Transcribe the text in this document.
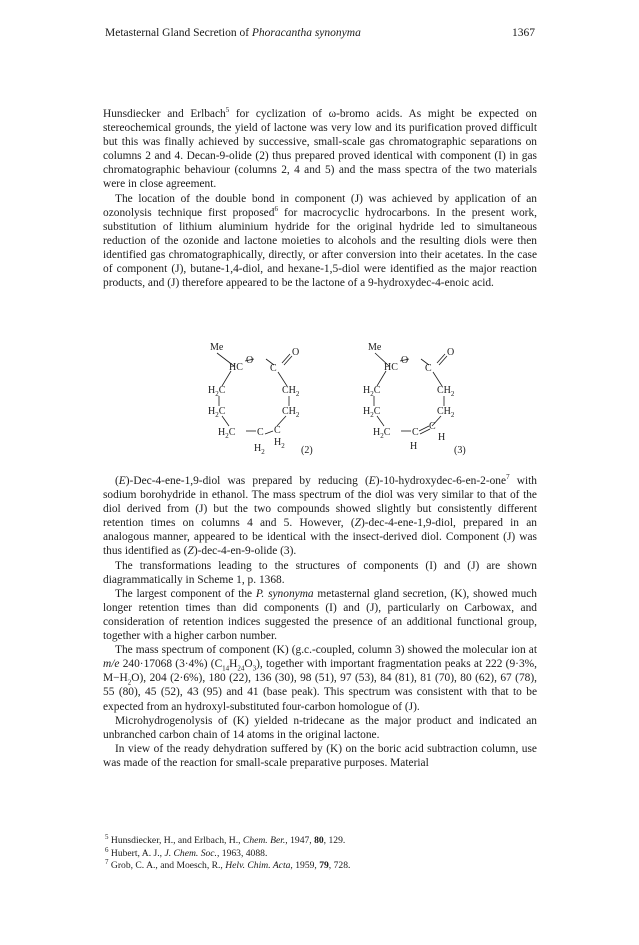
Metasternal Gland Secretion of Phoracantha synonyma	1367

Hunsdiecker and Erlbach$^5$ for cyclization of ω-bromo acids. As might be expected on stereochemical grounds, the yield of lactone was very low and its purification proved difficult but this was finally achieved by successive, small-scale gas chromatographic separations on columns 2 and 4. Decan-9-olide (2) thus prepared proved identical with component (I) in gas chromatographic behaviour (columns 2, 4 and 5) and the mass spectra of the two materials were in close agreement.

The location of the double bond in component (J) was achieved by application of an ozonolysis technique first proposed$^6$ for macrocyclic hydrocarbons. In the present work, substitution of lithium aluminium hydride for the original hydride led to simultaneous reduction of the ozonide and lactone moieties to alcohols and the resulting diols were then identified gas chromatographically, directly, or after conversion into their acetates. In the case of component (J), butane-1,4-diol, and hexane-1,5-diol were identified as the major reaction products, and (J) therefore appeared to be the lactone of a 9-hydroxydec-4-enoic acid.

Me
HC
O
C
O
$H_2C$	$CH_2$
$H_2C$	$CH_2$
$H_2C$ C C
$H_2$
$H_2$ (2)
Me
HC
O
C
O
$H_2C$	$CH_2$
$H_2C$	$CH_2$
$H_2C$ C
C
H
H
(3)

(E)-Dec-4-ene-1,9-diol was prepared by reducing (E)-10-hydroxydec-6-en-2-one$^7$ with sodium borohydride in ethanol. The mass spectrum of the diol was very similar to that of the diol derived from (J) but the two compounds showed slightly but consistently different retention times on columns 4 and 5. However, (Z)-dec-4-ene-1,9-diol, prepared in an analogous manner, appeared to be identical with the insect-derived diol. Component (J) was thus identified as (Z)-dec-4-en-9-olide (3).

The transformations leading to the structures of components (I) and (J) are shown diagrammatically in Scheme 1, p. 1368.

The largest component of the P. synonyma metasternal gland secretion, (K), showed much longer retention times than did components (I) and (J), particularly on Carbowax, and consideration of retention indices suggested the presence of an additional functional group, together with a higher carbon number.

The mass spectrum of component (K) (g.c.-coupled, column 3) showed the molecular ion at m/e 240·17068 (3·4%) $(C_{14}H_{24}O_3)$, together with important fragmentation peaks at 222 (9·3%, $M-H_2O$), 204 (2·6%), 180 (22), 136 (30), 98 (51), 97 (53), 84 (81), 81 (70), 80 (62), 67 (78), 55 (80), 45 (52), 43 (95) and 41 (base peak). This spectrum was consistent with that to be expected from an hydroxyl-substituted four-carbon homologue of (J).

Microhydrogenolysis of (K) yielded n-tridecane as the major product and indicated an unbranched carbon chain of 14 atoms in the original lactone.

In view of the ready dehydration suffered by (K) on the boric acid subtraction column, use was made of the reaction for small-scale preparative purposes. Material

$^5$ Hunsdiecker, H., and Erlbach, H., Chem. Ber., 1947, 80, 129.
$^6$ Hubert, A. J., J. Chem. Soc., 1963, 4088.
$^7$ Grob, C. A., and Moesch, R., Helv. Chim. Acta, 1959, 79, 728.
